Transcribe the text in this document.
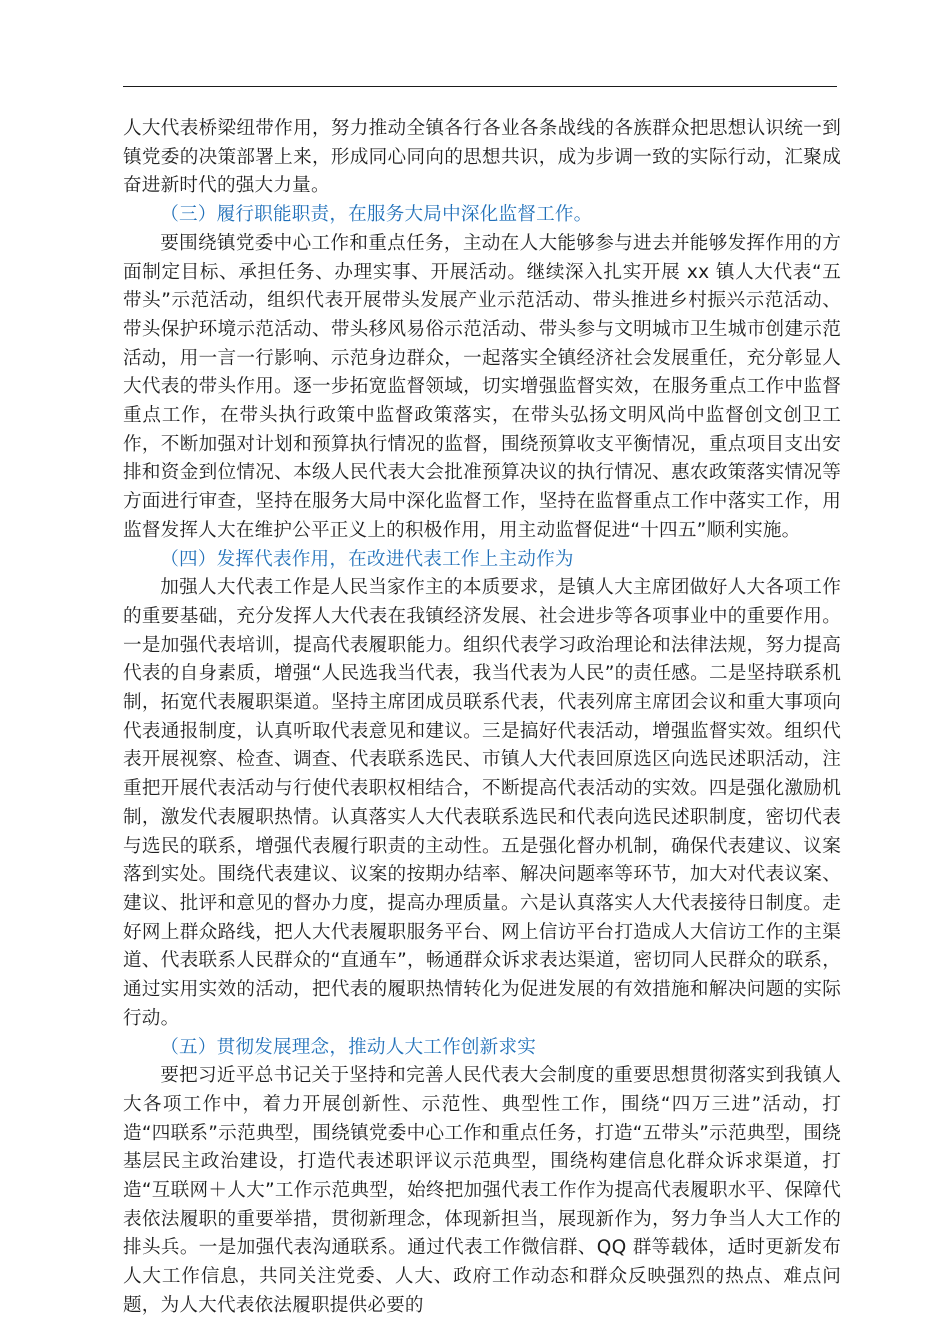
人大代表桥梁纽带作用，努力推动全镇各行各业各条战线的各族群众把思想认识统一到镇党委的决策部署上来，形成同心同向的思想共识，成为步调一致的实际行动，汇聚成奋进新时代的强大力量。

（三）履行职能职责，在服务大局中深化监督工作。

要围绕镇党委中心工作和重点任务，主动在人大能够参与进去并能够发挥作用的方面制定目标、承担任务、办理实事、开展活动。继续深入扎实开展 xx 镇人大代表“五带头”示范活动，组织代表开展带头发展产业示范活动、带头推进乡村振兴示范活动、带头保护环境示范活动、带头移风易俗示范活动、带头参与文明城市卫生城市创建示范活动，用一言一行影响、示范身边群众，一起落实全镇经济社会发展重任，充分彰显人大代表的带头作用。逐一步拓宽监督领域，切实增强监督实效，在服务重点工作中监督重点工作，在带头执行政策中监督政策落实，在带头弘扬文明风尚中监督创文创卫工作，不断加强对计划和预算执行情况的监督，围绕预算收支平衡情况，重点项目支出安排和资金到位情况、本级人民代表大会批准预算决议的执行情况、惠农政策落实情况等方面进行审查，坚持在服务大局中深化监督工作，坚持在监督重点工作中落实工作，用监督发挥人大在维护公平正义上的积极作用，用主动监督促进“十四五”顺利实施。

（四）发挥代表作用，在改进代表工作上主动作为

加强人大代表工作是人民当家作主的本质要求，是镇人大主席团做好人大各项工作的重要基础，充分发挥人大代表在我镇经济发展、社会进步等各项事业中的重要作用。一是加强代表培训，提高代表履职能力。组织代表学习政治理论和法律法规，努力提高代表的自身素质，增强“人民选我当代表，我当代表为人民”的责任感。二是坚持联系机制，拓宽代表履职渠道。坚持主席团成员联系代表，代表列席主席团会议和重大事项向代表通报制度，认真听取代表意见和建议。三是搞好代表活动，增强监督实效。组织代表开展视察、检查、调查、代表联系选民、市镇人大代表回原选区向选民述职活动，注重把开展代表活动与行使代表职权相结合，不断提高代表活动的实效。四是强化激励机制，激发代表履职热情。认真落实人大代表联系选民和代表向选民述职制度，密切代表与选民的联系，增强代表履行职责的主动性。五是强化督办机制，确保代表建议、议案落到实处。围绕代表建议、议案的按期办结率、解决问题率等环节，加大对代表议案、建议、批评和意见的督办力度，提高办理质量。六是认真落实人大代表接待日制度。走好网上群众路线，把人大代表履职服务平台、网上信访平台打造成人大信访工作的主渠道、代表联系人民群众的“直通车”，畅通群众诉求表达渠道，密切同人民群众的联系，通过实用实效的活动，把代表的履职热情转化为促进发展的有效措施和解决问题的实际行动。

（五）贯彻发展理念，推动人大工作创新求实

要把习近平总书记关于坚持和完善人民代表大会制度的重要思想贯彻落实到我镇人大各项工作中，着力开展创新性、示范性、典型性工作，围绕“四万三进”活动，打造“四联系”示范典型，围绕镇党委中心工作和重点任务，打造“五带头”示范典型，围绕基层民主政治建设，打造代表述职评议示范典型，围绕构建信息化群众诉求渠道，打造“互联网＋人大”工作示范典型，始终把加强代表工作作为提高代表履职水平、保障代表依法履职的重要举措，贯彻新理念，体现新担当，展现新作为，努力争当人大工作的排头兵。一是加强代表沟通联系。通过代表工作微信群、QQ 群等载体，适时更新发布人大工作信息，共同关注党委、人大、政府工作动态和群众反映强烈的热点、难点问题，为人大代表依法履职提供必要的
